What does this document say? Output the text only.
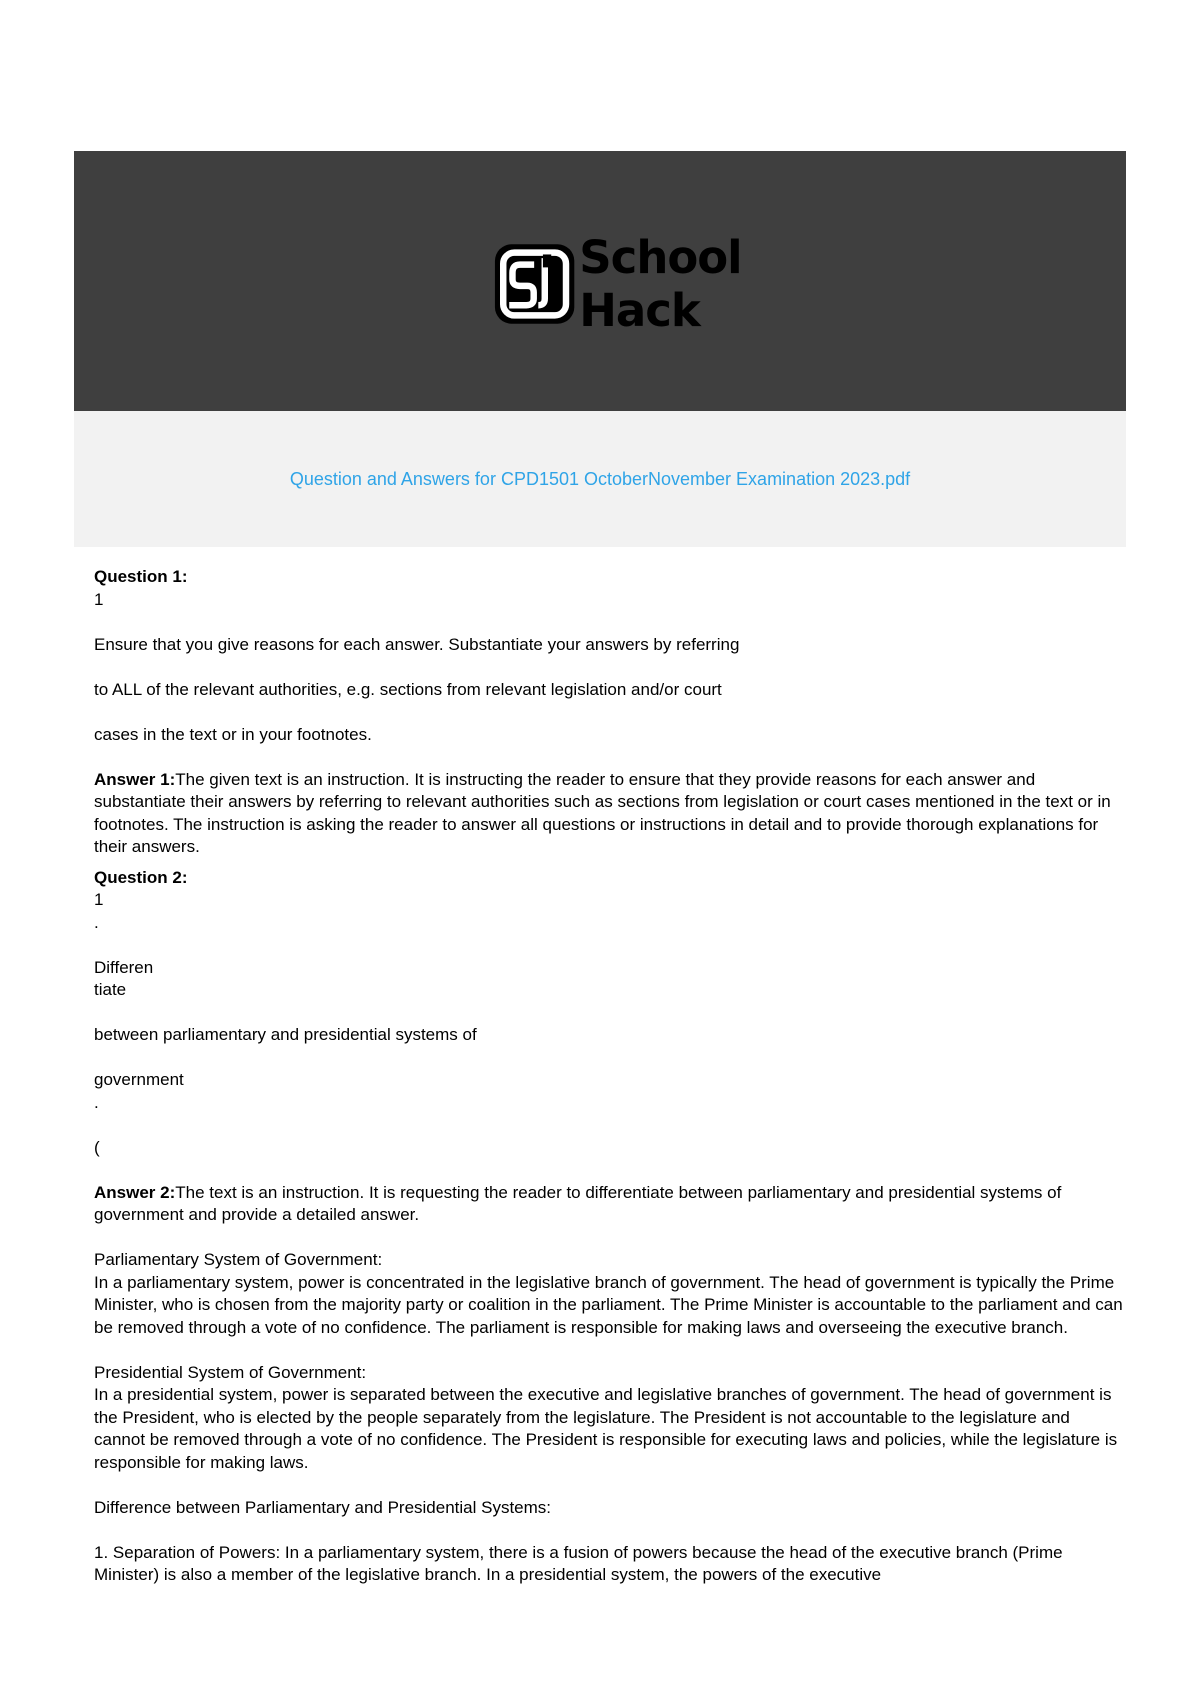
School Hack
Question and Answers for CPD1501 OctoberNovember Examination 2023.pdf

Question 1:

1

Ensure that you give reasons for each answer. Substantiate your answers by referring

to ALL of the relevant authorities, e.g. sections from relevant legislation and/or court

cases in the text or in your footnotes.

Answer 1:The given text is an instruction. It is instructing the reader to ensure that they provide reasons for each answer and substantiate their answers by referring to relevant authorities such as sections from legislation or court cases mentioned in the text or in footnotes. The instruction is asking the reader to answer all questions or instructions in detail and to provide thorough explanations for their answers.

Question 2:

1

.

Differen

tiate

between parliamentary and presidential systems of

government

.

(

Answer 2:The text is an instruction. It is requesting the reader to differentiate between parliamentary and presidential systems of government and provide a detailed answer.

Parliamentary System of Government:

In a parliamentary system, power is concentrated in the legislative branch of government. The head of government is typically the Prime Minister, who is chosen from the majority party or coalition in the parliament. The Prime Minister is accountable to the parliament and can be removed through a vote of no confidence. The parliament is responsible for making laws and overseeing the executive branch.

Presidential System of Government:

In a presidential system, power is separated between the executive and legislative branches of government. The head of government is the President, who is elected by the people separately from the legislature. The President is not accountable to the legislature and cannot be removed through a vote of no confidence. The President is responsible for executing laws and policies, while the legislature is responsible for making laws.

Difference between Parliamentary and Presidential Systems:

1. Separation of Powers: In a parliamentary system, there is a fusion of powers because the head of the executive branch (Prime Minister) is also a member of the legislative branch. In a presidential system, the powers of the executive
